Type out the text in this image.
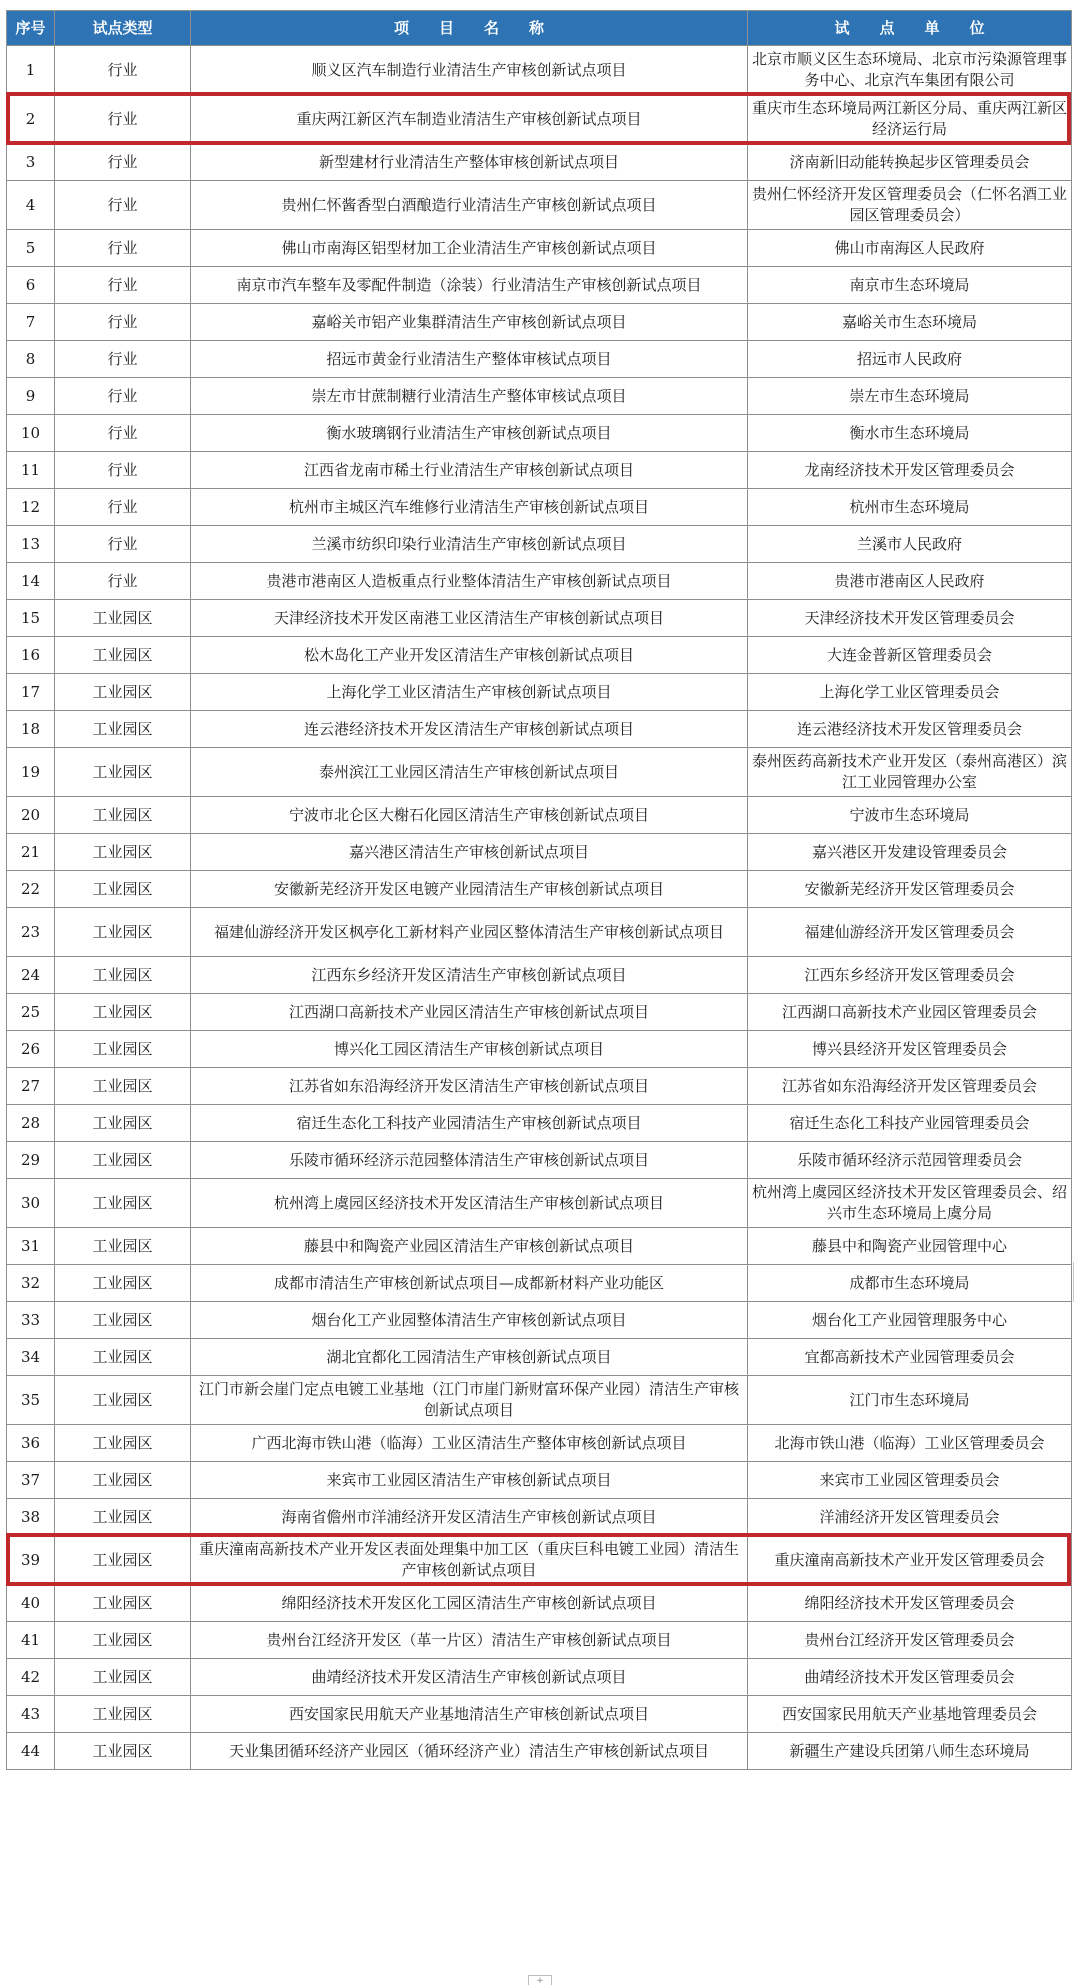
序号	试点类型	项　　目　　名　　称	试　　点　　单　　位
1	行业	顺义区汽车制造行业清洁生产审核创新试点项目	北京市顺义区生态环境局、北京市污染源管理事务中心、北京汽车集团有限公司
2	行业	重庆两江新区汽车制造业清洁生产审核创新试点项目	重庆市生态环境局两江新区分局、重庆两江新区经济运行局
3	行业	新型建材行业清洁生产整体审核创新试点项目	济南新旧动能转换起步区管理委员会
4	行业	贵州仁怀酱香型白酒酿造行业清洁生产审核创新试点项目	贵州仁怀经济开发区管理委员会（仁怀名酒工业园区管理委员会）
5	行业	佛山市南海区铝型材加工企业清洁生产审核创新试点项目	佛山市南海区人民政府
6	行业	南京市汽车整车及零配件制造（涂装）行业清洁生产审核创新试点项目	南京市生态环境局
7	行业	嘉峪关市铝产业集群清洁生产审核创新试点项目	嘉峪关市生态环境局
8	行业	招远市黄金行业清洁生产整体审核试点项目	招远市人民政府
9	行业	崇左市甘蔗制糖行业清洁生产整体审核试点项目	崇左市生态环境局
10	行业	衡水玻璃钢行业清洁生产审核创新试点项目	衡水市生态环境局
11	行业	江西省龙南市稀土行业清洁生产审核创新试点项目	龙南经济技术开发区管理委员会
12	行业	杭州市主城区汽车维修行业清洁生产审核创新试点项目	杭州市生态环境局
13	行业	兰溪市纺织印染行业清洁生产审核创新试点项目	兰溪市人民政府
14	行业	贵港市港南区人造板重点行业整体清洁生产审核创新试点项目	贵港市港南区人民政府
15	工业园区	天津经济技术开发区南港工业区清洁生产审核创新试点项目	天津经济技术开发区管理委员会
16	工业园区	松木岛化工产业开发区清洁生产审核创新试点项目	大连金普新区管理委员会
17	工业园区	上海化学工业区清洁生产审核创新试点项目	上海化学工业区管理委员会
18	工业园区	连云港经济技术开发区清洁生产审核创新试点项目	连云港经济技术开发区管理委员会
19	工业园区	泰州滨江工业园区清洁生产审核创新试点项目	泰州医药高新技术产业开发区（泰州高港区）滨江工业园管理办公室
20	工业园区	宁波市北仑区大榭石化园区清洁生产审核创新试点项目	宁波市生态环境局
21	工业园区	嘉兴港区清洁生产审核创新试点项目	嘉兴港区开发建设管理委员会
22	工业园区	安徽新芜经济开发区电镀产业园清洁生产审核创新试点项目	安徽新芜经济开发区管理委员会
23	工业园区	福建仙游经济开发区枫亭化工新材料产业园区整体清洁生产审核创新试点项目	福建仙游经济开发区管理委员会
24	工业园区	江西东乡经济开发区清洁生产审核创新试点项目	江西东乡经济开发区管理委员会
25	工业园区	江西湖口高新技术产业园区清洁生产审核创新试点项目	江西湖口高新技术产业园区管理委员会
26	工业园区	博兴化工园区清洁生产审核创新试点项目	博兴县经济开发区管理委员会
27	工业园区	江苏省如东沿海经济开发区清洁生产审核创新试点项目	江苏省如东沿海经济开发区管理委员会
28	工业园区	宿迁生态化工科技产业园清洁生产审核创新试点项目	宿迁生态化工科技产业园管理委员会
29	工业园区	乐陵市循环经济示范园整体清洁生产审核创新试点项目	乐陵市循环经济示范园管理委员会
30	工业园区	杭州湾上虞园区经济技术开发区清洁生产审核创新试点项目	杭州湾上虞园区经济技术开发区管理委员会、绍兴市生态环境局上虞分局
31	工业园区	藤县中和陶瓷产业园区清洁生产审核创新试点项目	藤县中和陶瓷产业园管理中心
32	工业园区	成都市清洁生产审核创新试点项目—成都新材料产业功能区	成都市生态环境局
33	工业园区	烟台化工产业园整体清洁生产审核创新试点项目	烟台化工产业园管理服务中心
34	工业园区	湖北宜都化工园清洁生产审核创新试点项目	宜都高新技术产业园管理委员会
35	工业园区	江门市新会崖门定点电镀工业基地（江门市崖门新财富环保产业园）清洁生产审核创新试点项目	江门市生态环境局
36	工业园区	广西北海市铁山港（临海）工业区清洁生产整体审核创新试点项目	北海市铁山港（临海）工业区管理委员会
37	工业园区	来宾市工业园区清洁生产审核创新试点项目	来宾市工业园区管理委员会
38	工业园区	海南省儋州市洋浦经济开发区清洁生产审核创新试点项目	洋浦经济开发区管理委员会
39	工业园区	重庆潼南高新技术产业开发区表面处理集中加工区（重庆巨科电镀工业园）清洁生产审核创新试点项目	重庆潼南高新技术产业开发区管理委员会
40	工业园区	绵阳经济技术开发区化工园区清洁生产审核创新试点项目	绵阳经济技术开发区管理委员会
41	工业园区	贵州台江经济开发区（革一片区）清洁生产审核创新试点项目	贵州台江经济开发区管理委员会
42	工业园区	曲靖经济技术开发区清洁生产审核创新试点项目	曲靖经济技术开发区管理委员会
43	工业园区	西安国家民用航天产业基地清洁生产审核创新试点项目	西安国家民用航天产业基地管理委员会
44	工业园区	天业集团循环经济产业园区（循环经济产业）清洁生产审核创新试点项目	新疆生产建设兵团第八师生态环境局
+
